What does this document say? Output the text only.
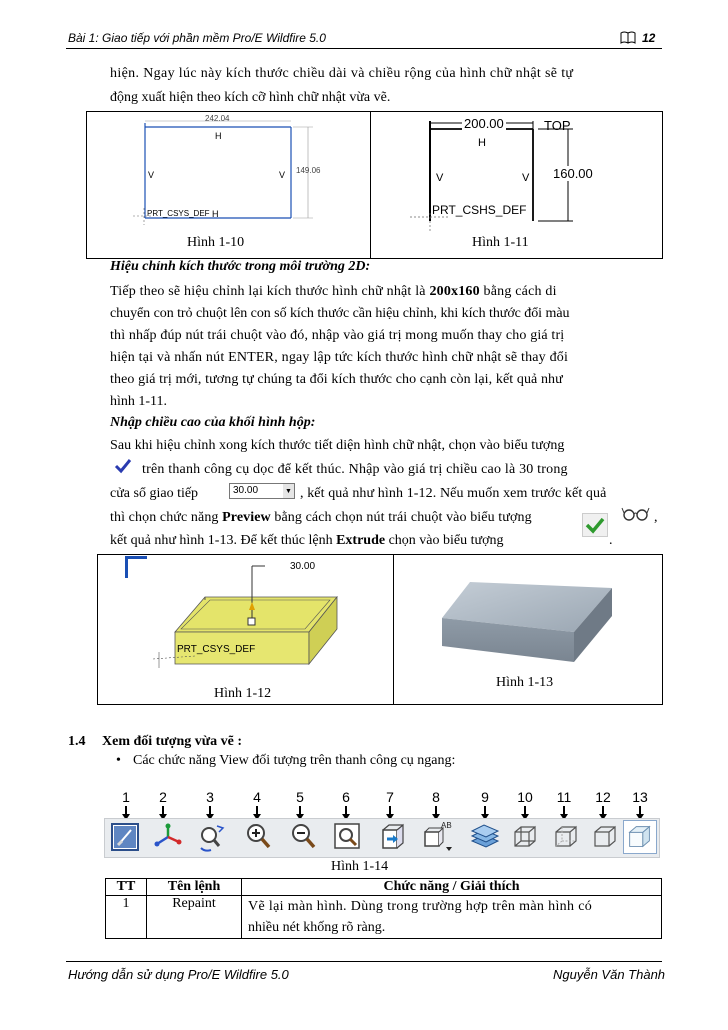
Bài 1: Giao tiếp với phần mềm Pro/E Wildfire 5.0	12
hiện. Ngay lúc này kích thước chiều dài và chiều rộng của hình chữ nhật sẽ tự
động xuất hiện theo kích cỡ hình chữ nhật vừa vẽ.
242.04
149.06
H
V	V
PRT_CSYS_DEF H
Hình 1-10
200.00	TOP
H
V	V 160.00
PRT_CSHS_DEF
Hình 1-11
Hiệu chỉnh kích thước trong môi trường 2D:
Tiếp theo sẽ hiệu chỉnh lại kích thước hình chữ nhật là 200x160 bằng cách di
chuyển con trỏ chuột lên con số kích thước cần hiệu chỉnh, khi kích thước đổi màu
thì nhấp đúp nút trái chuột vào đó, nhập vào giá trị mong muốn thay cho giá trị
hiện tại và nhấn nút ENTER, ngay lập tức kích thước hình chữ nhật sẽ thay đổi
theo giá trị mới, tương tự chúng ta đổi kích thước cho cạnh còn lại, kết quả như
hình 1-11.
Nhập chiều cao của khối hình hộp:
Sau khi hiệu chỉnh xong kích thước tiết diện hình chữ nhật, chọn vào biểu tượng
trên thanh công cụ dọc để kết thúc. Nhập vào giá trị chiều cao là 30 trong
cửa sổ giao tiếp	30.00	▼ , kết quả như hình 1-12. Nếu muốn xem trước kết quả
thì chọn chức năng Preview bằng cách chọn nút trái chuột vào biểu tượng	,
kết quả như hình 1-13. Để kết thúc lệnh Extrude chọn vào biểu tượng	.
30.00
PRT_CSYS_DEF
Hình 1-12
Hình 1-13
1.4 Xem đối tượng vừa vẽ :
• Các chức năng View đối tượng trên thanh công cụ ngang:
1	2	3	4	5	6	7	8	9	10	11	12	13
AB
Hình 1-14
TT	Tên lệnh	Chức năng / Giải thích
1	Repaint	Vẽ lại màn hình. Dùng trong trường hợp trên màn hình có
nhiều nét khống rõ ràng.
Hướng dẫn sử dụng Pro/E Wildfire 5.0	Nguyễn Văn Thành
